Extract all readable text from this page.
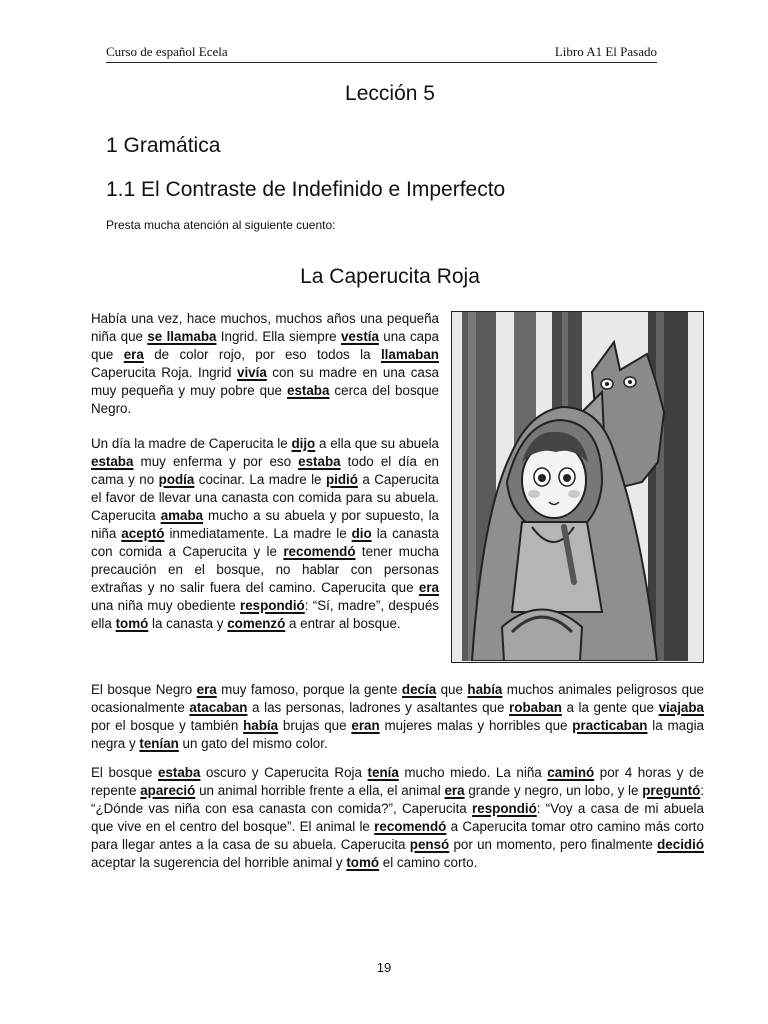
Curso de español Ecela	Libro A1 El Pasado
Lección 5
1 Gramática
1.1 El Contraste de Indefinido e Imperfecto
Presta mucha atención al siguiente cuento:
La Caperucita Roja
Había una vez, hace muchos, muchos años una pequeña niña que se llamaba Ingrid. Ella siempre vestía una capa que era de color rojo, por eso todos la llamaban Caperucita Roja. Ingrid vivía con su madre en una casa muy pequeña y muy pobre que estaba cerca del bosque Negro.
Un día la madre de Caperucita le dijo a ella que su abuela estaba muy enferma y por eso estaba todo el día en cama y no podía cocinar. La madre le pidió a Caperucita el favor de llevar una canasta con comida para su abuela. Caperucita amaba mucho a su abuela y por supuesto, la niña aceptó inmediatamente. La madre le dio la canasta con comida a Caperucita y le recomendó tener mucha precaución en el bosque, no hablar con personas extrañas y no salir fuera del camino. Caperucita que era una niña muy obediente respondió: “Sí, madre”, después ella tomó la canasta y comenzó a entrar al bosque.
El bosque Negro era muy famoso, porque la gente decía que había muchos animales peligrosos que ocasionalmente atacaban a las personas, ladrones y asaltantes que robaban a la gente que viajaba por el bosque y también había brujas que eran mujeres malas y horribles que practicaban la magia negra y tenían un gato del mismo color.
El bosque estaba oscuro y Caperucita Roja tenía mucho miedo. La niña caminó por 4 horas y de repente apareció un animal horrible frente a ella, el animal era grande y negro, un lobo, y le preguntó: “¿Dónde vas niña con esa canasta con comida?”, Caperucita respondió: “Voy a casa de mi abuela que vive en el centro del bosque”. El animal le recomendó a Caperucita tomar otro camino más corto para llegar antes a la casa de su abuela. Caperucita pensó por un momento, pero finalmente decidió aceptar la sugerencia del horrible animal y tomó el camino corto.
19
